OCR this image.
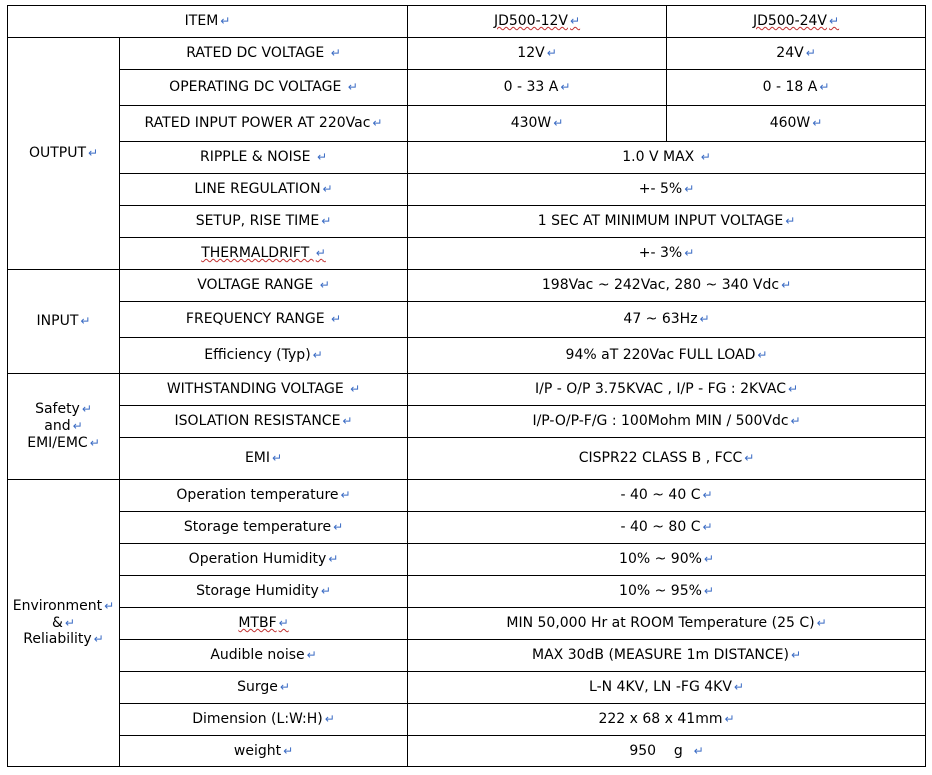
ITEM ↵		JD500-12V ↵	JD500-24V ↵

OUTPUT ↵	RATED DC VOLTAGE ↵	12V ↵	24V ↵
	OPERATING DC VOLTAGE ↵	0 - 33 A ↵	0 - 18 A ↵
	RATED INPUT POWER AT 220Vac ↵	430W ↵	460W ↵
	RIPPLE & NOISE ↵	1.0 V MAX ↵
	LINE REGULATION ↵	+- 5% ↵
	SETUP, RISE TIME ↵	1 SEC AT MINIMUM INPUT VOLTAGE ↵
	THERMALDRIFT ↵	+- 3% ↵

INPUT ↵	VOLTAGE RANGE ↵	198Vac ~ 242Vac, 280 ~ 340 Vdc ↵
	FREQUENCY RANGE ↵	47 ~ 63Hz ↵
	Efficiency (Typ) ↵	94% aT 220Vac FULL LOAD ↵

Safety ↵
and ↵
EMI/EMC ↵	WITHSTANDING VOLTAGE ↵	I/P - O/P 3.75KVAC , I/P - FG : 2KVAC ↵
	ISOLATION RESISTANCE ↵	I/P-O/P-F/G : 100Mohm MIN / 500Vdc ↵
	EMI ↵	CISPR22 CLASS B , FCC ↵

Environment ↵
& ↵
Reliability ↵	Operation temperature ↵	- 40 ~ 40 C ↵
	Storage temperature ↵	- 40 ~ 80 C ↵
	Operation Humidity ↵	10% ~ 90% ↵
	Storage Humidity ↵	10% ~ 95% ↵
	MTBF ↵	MIN 50,000 Hr at ROOM Temperature (25 C) ↵
	Audible noise ↵	MAX 30dB (MEASURE 1m DISTANCE) ↵
	Surge ↵	L-N 4KV, LN -FG 4KV ↵
	Dimension (L:W:H) ↵	222 x 68 x 41mm ↵
	weight ↵	950    g   ↵
